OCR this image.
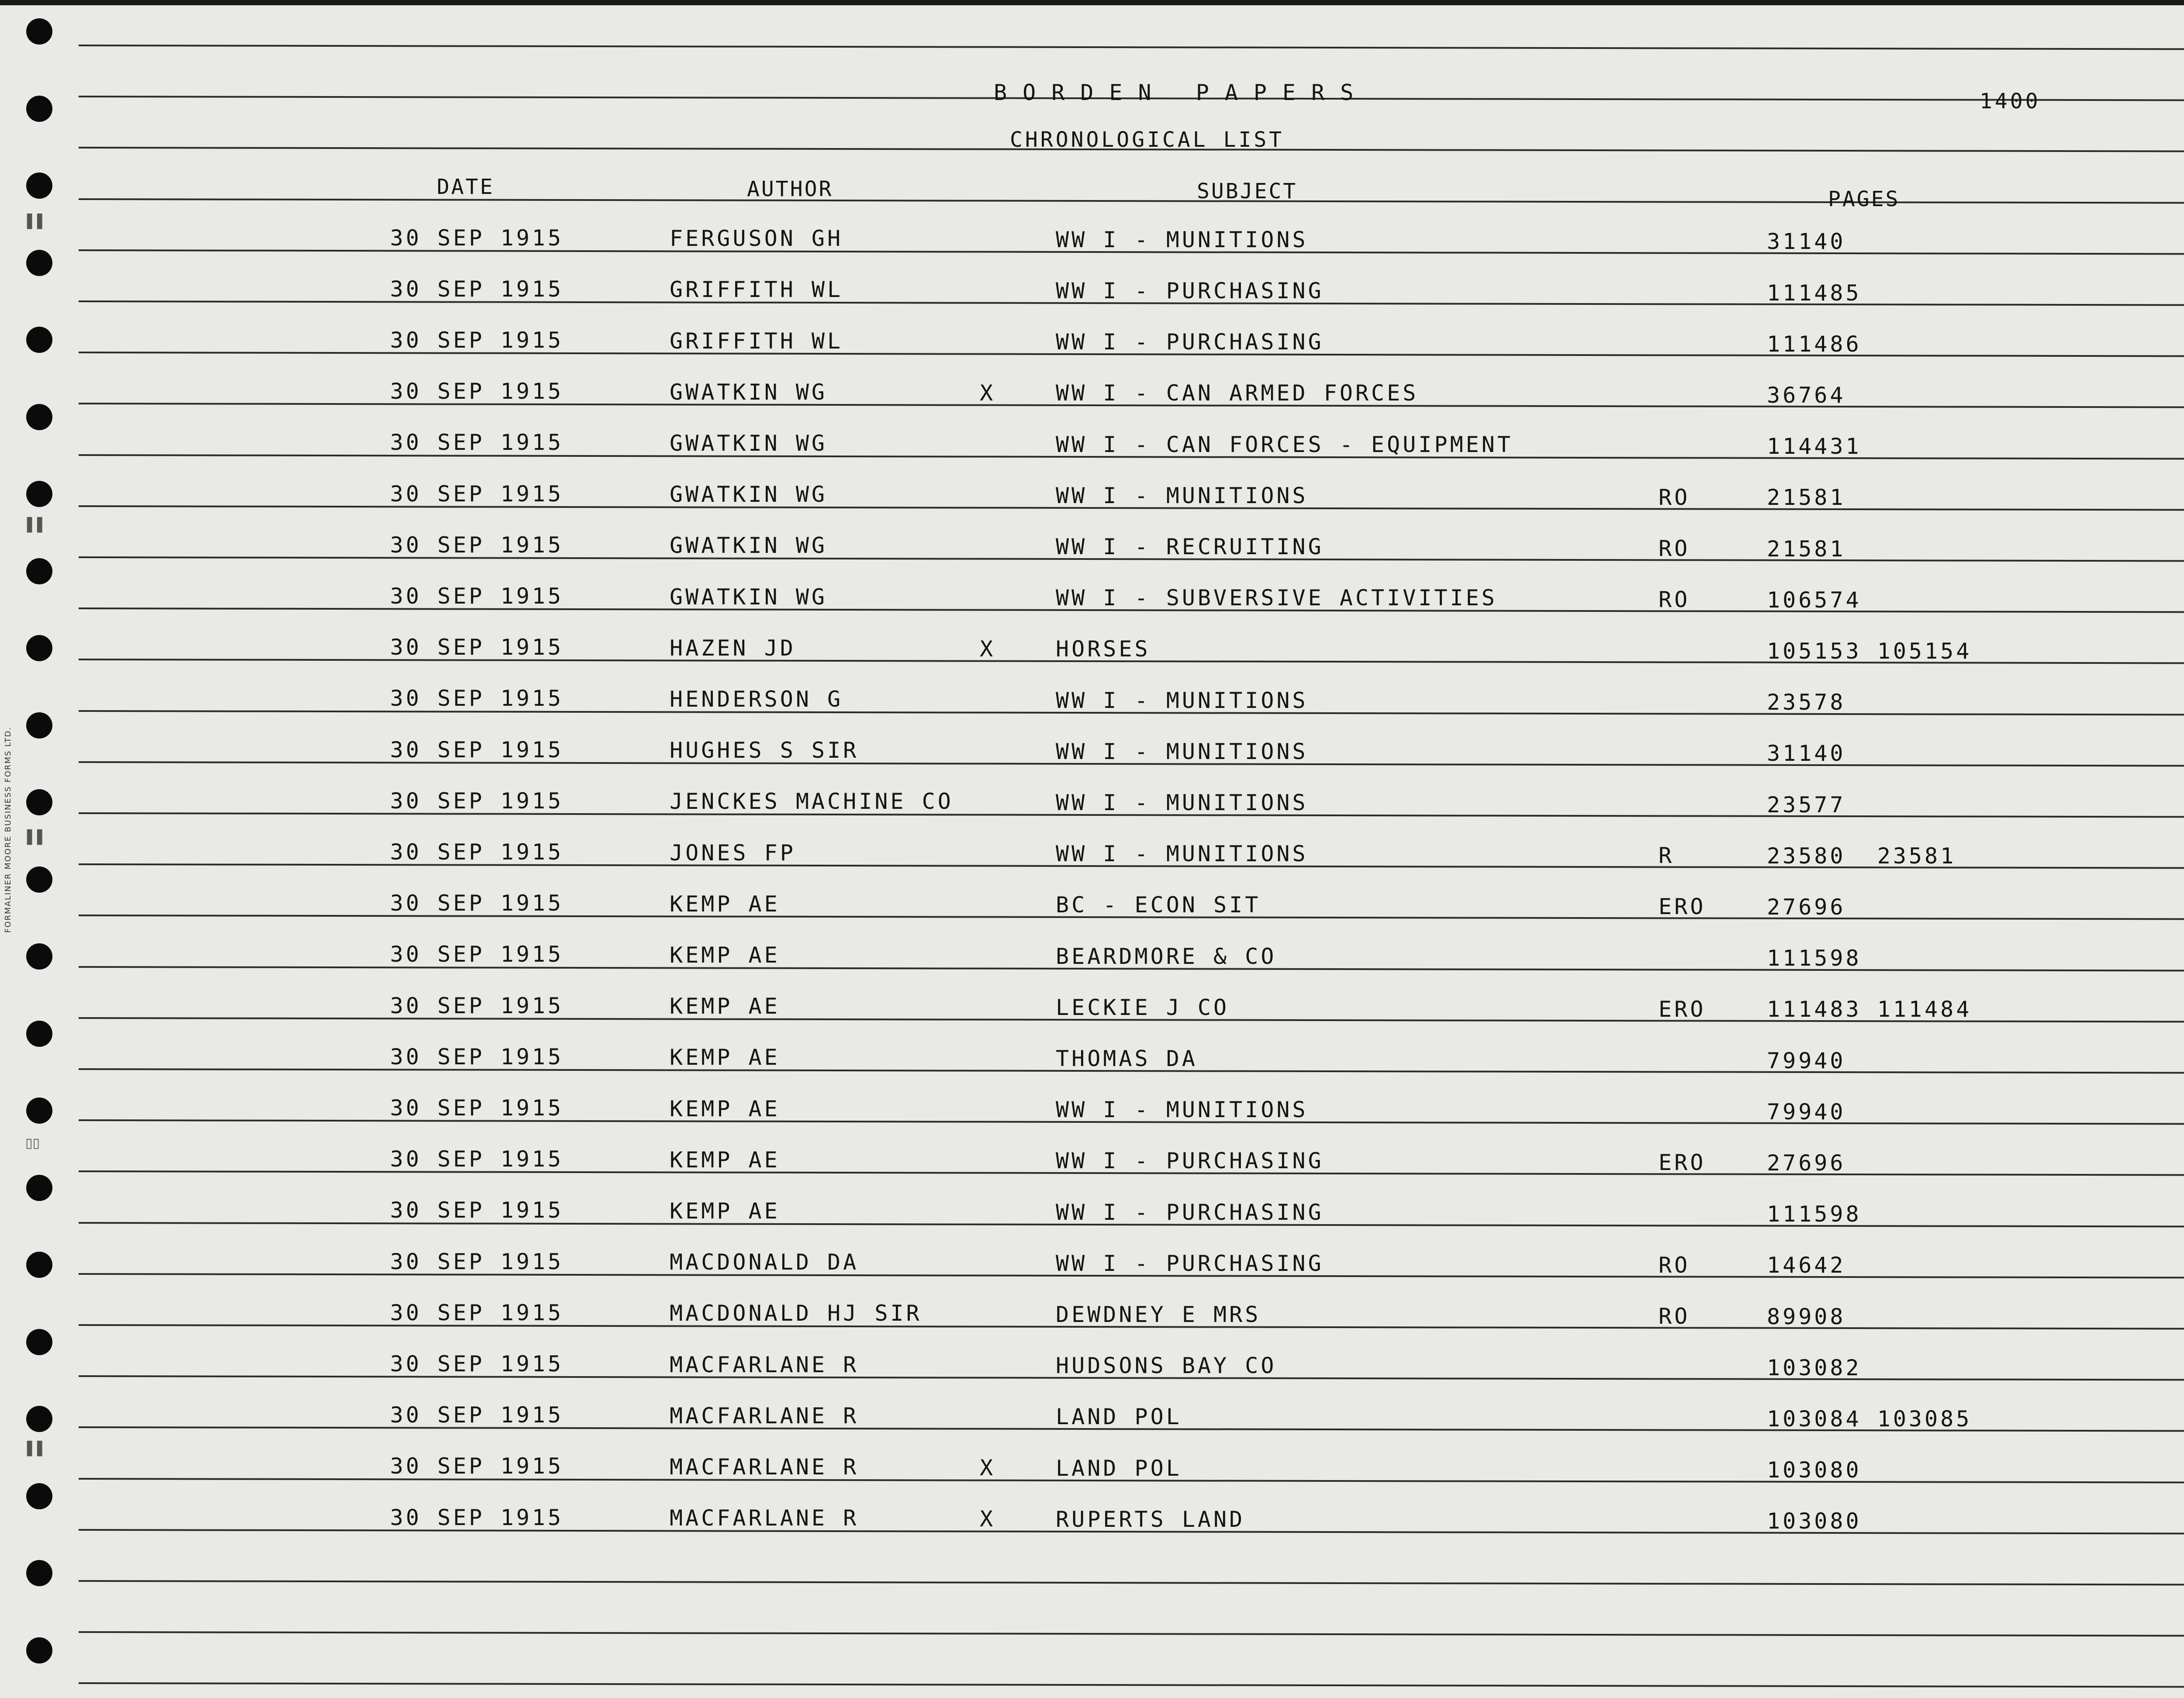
FORMALINER MOORE BUSINESS FORMS LTD.
▌▌
▌▌
▌▌
▯▯
▌▌
BORDEN PAPERS	1400
CHRONOLOGICAL LIST
DATE	AUTHOR	SUBJECT	PAGES
30 SEP 1915	FERGUSON GH	WW I - MUNITIONS	31140
30 SEP 1915	GRIFFITH WL	WW I - PURCHASING	111485
30 SEP 1915	GRIFFITH WL	WW I - PURCHASING	111486
30 SEP 1915	GWATKIN WG	X	WW I - CAN ARMED FORCES	36764
30 SEP 1915	GWATKIN WG	WW I - CAN FORCES - EQUIPMENT	114431
30 SEP 1915	GWATKIN WG	WW I - MUNITIONS	RO	21581
30 SEP 1915	GWATKIN WG	WW I - RECRUITING	RO	21581
30 SEP 1915	GWATKIN WG	WW I - SUBVERSIVE ACTIVITIES	RO	106574
30 SEP 1915	HAZEN JD	X	HORSES	105153 105154
30 SEP 1915	HENDERSON G	WW I - MUNITIONS	23578
30 SEP 1915	HUGHES S SIR	WW I - MUNITIONS	31140
30 SEP 1915	JENCKES MACHINE CO	WW I - MUNITIONS	23577
30 SEP 1915	JONES FP	WW I - MUNITIONS	R	23580  23581
30 SEP 1915	KEMP AE	BC - ECON SIT	ERO	27696
30 SEP 1915	KEMP AE	BEARDMORE & CO	111598
30 SEP 1915	KEMP AE	LECKIE J CO	ERO	111483 111484
30 SEP 1915	KEMP AE	THOMAS DA	79940
30 SEP 1915	KEMP AE	WW I - MUNITIONS	79940
30 SEP 1915	KEMP AE	WW I - PURCHASING	ERO	27696
30 SEP 1915	KEMP AE	WW I - PURCHASING	111598
30 SEP 1915	MACDONALD DA	WW I - PURCHASING	RO	14642
30 SEP 1915	MACDONALD HJ SIR	DEWDNEY E MRS	RO	89908
30 SEP 1915	MACFARLANE R	HUDSONS BAY CO	103082
30 SEP 1915	MACFARLANE R	LAND POL	103084 103085
30 SEP 1915	MACFARLANE R	X	LAND POL	103080
30 SEP 1915	MACFARLANE R	X	RUPERTS LAND	103080
